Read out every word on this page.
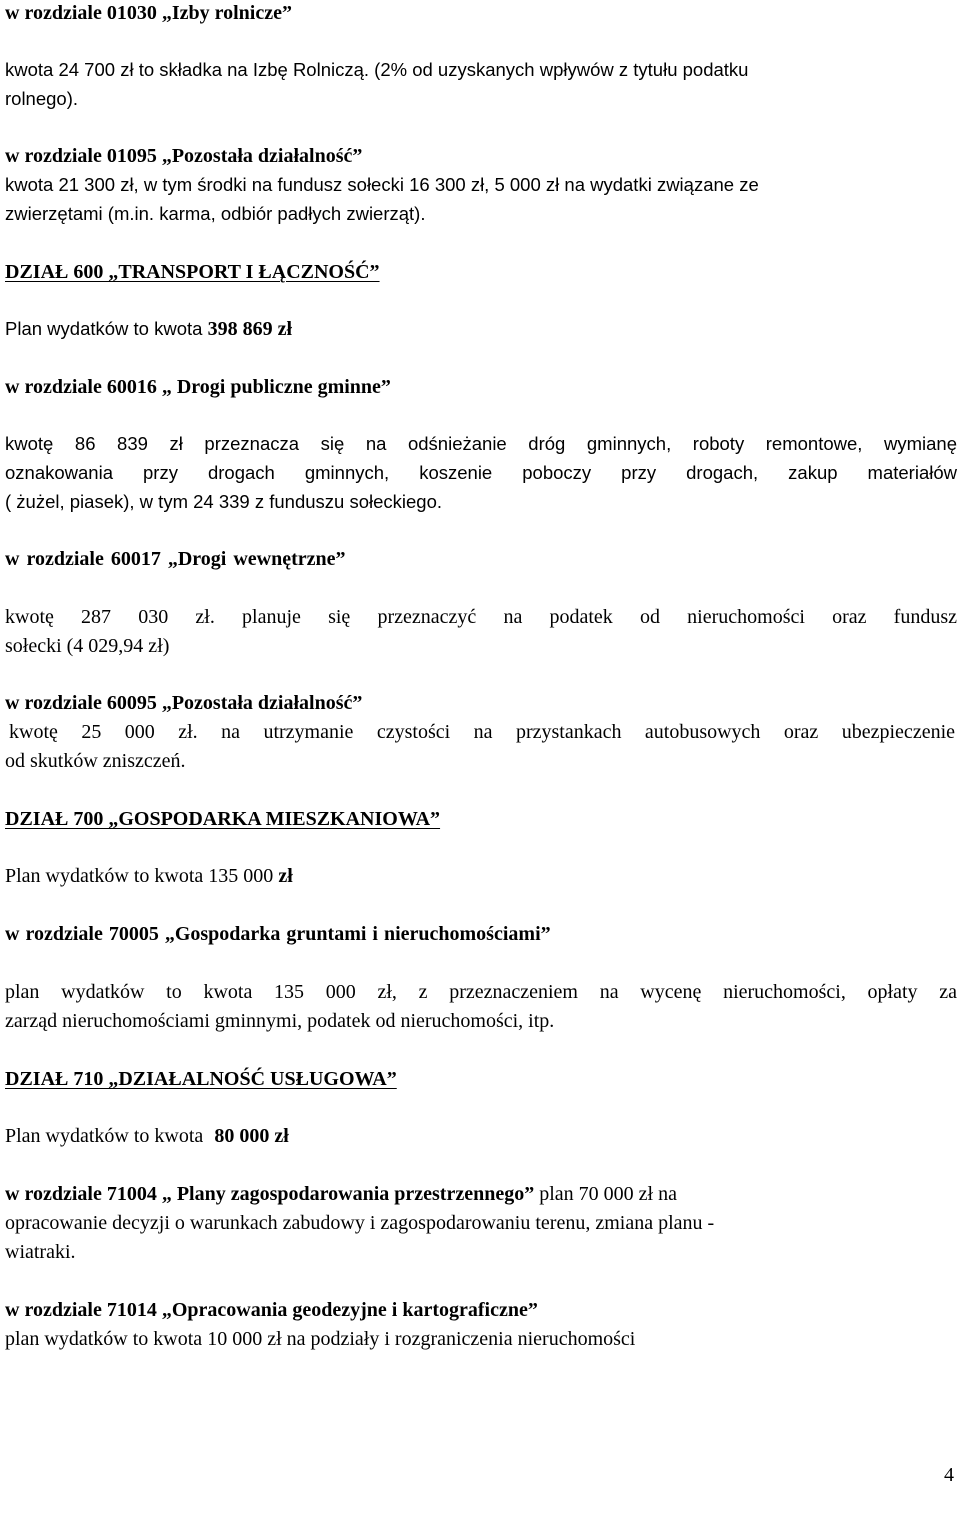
w rozdziale 01030 „Izby rolnicze”
kwota 24 700 zł to składka na Izbę Rolniczą. (2% od uzyskanych wpływów z tytułu podatku
rolnego).
w rozdziale 01095 „Pozostała działalność”
kwota 21 300 zł, w tym środki na fundusz sołecki 16 300 zł, 5 000 zł na wydatki związane ze
zwierzętami (m.in. karma, odbiór padłych zwierząt).
DZIAŁ 600 „TRANSPORT I ŁĄCZNOŚĆ”
Plan wydatków to kwota 398 869 zł
w rozdziale 60016 „ Drogi publiczne gminne”
kwotę 86 839 zł przeznacza się na odśnieżanie dróg gminnych, roboty remontowe, wymianę
oznakowania przy drogach gminnych, koszenie poboczy przy drogach, zakup materiałów
( żużel, piasek), w tym 24 339 z funduszu sołeckiego.
w rozdziale 60017 „Drogi wewnętrzne”
kwotę 287 030 zł. planuje się przeznaczyć na podatek od nieruchomości oraz fundusz
sołecki (4 029,94 zł)
w rozdziale 60095 „Pozostała działalność”
kwotę 25 000 zł. na utrzymanie czystości na przystankach autobusowych oraz ubezpieczenie
od skutków zniszczeń.
DZIAŁ 700 „GOSPODARKA MIESZKANIOWA”
Plan wydatków to kwota 135 000 zł
w rozdziale 70005 „Gospodarka gruntami i nieruchomościami”
plan wydatków to kwota 135 000 zł, z przeznaczeniem na wycenę nieruchomości, opłaty za
zarząd nieruchomościami gminnymi, podatek od nieruchomości, itp.
DZIAŁ 710 „DZIAŁALNOŚĆ USŁUGOWA”
Plan wydatków to kwota 80 000 zł
w rozdziale 71004 „ Plany zagospodarowania przestrzennego” plan 70 000 zł na
opracowanie decyzji o warunkach zabudowy i zagospodarowaniu terenu, zmiana planu -
wiatraki.
w rozdziale 71014 „Opracowania geodezyjne i kartograficzne”
plan wydatków to kwota 10 000 zł na podziały i rozgraniczenia nieruchomości
4
